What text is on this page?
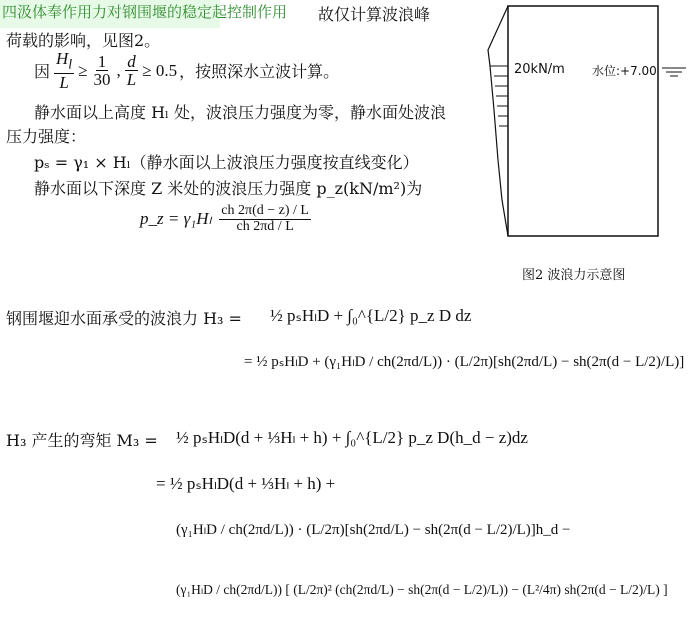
四汲体奉作用力对钢围堰的稳定起控制作用 故仅计算波浪峰
荷载的影响，见图2。
因 $\frac{H_l}{L} \ge \frac{1}{30}$ , $\frac{d}{L} \ge 0.5$ ，按照深水立波计算。
静水面以上高度 Hₗ 处，波浪压力强度为零，静水面处波浪
压力强度：
pₛ = γ₁ × Hₗ（静水面以上波浪压力强度按直线变化）
静水面以下深度 Z 米处的波浪压力强度 p_z(kN/m²)为
p_z = $\gamma_1H_l \frac{ch 2\pi(d - z) / L}{ch 2\pi d / L}$
20kN/m 水位:+7.00
图2 波浪力示意图
钢围堰迎水面承受的波浪力 H₃ = ½ pₛHₗD + ∫₀^{L/2} p_z D dz
= ½ pₛHₗD + (γ₁HₗD / ch(2πd/L)) · (L/2π)[sh(2πd/L) − sh(2π(d − L/2)/L)]
H₃ 产生的弯矩 M₃ = ½ pₛHₗD(d + ⅓Hₗ + h) + ∫₀^{L/2} p_z D(h_d − z)dz
= ½ pₛHₗD(d + ⅓Hₗ + h) +
(γ₁HₗD / ch(2πd/L)) · (L/2π)[sh(2πd/L) − sh(2π(d − L/2)/L)]h_d −
(γ₁HₗD / ch(2πd/L)) [ (L/2π)² (ch(2πd/L) − sh(2π(d − L/2)/L)) − (L²/4π) sh(2π(d − L/2)/L) ]
